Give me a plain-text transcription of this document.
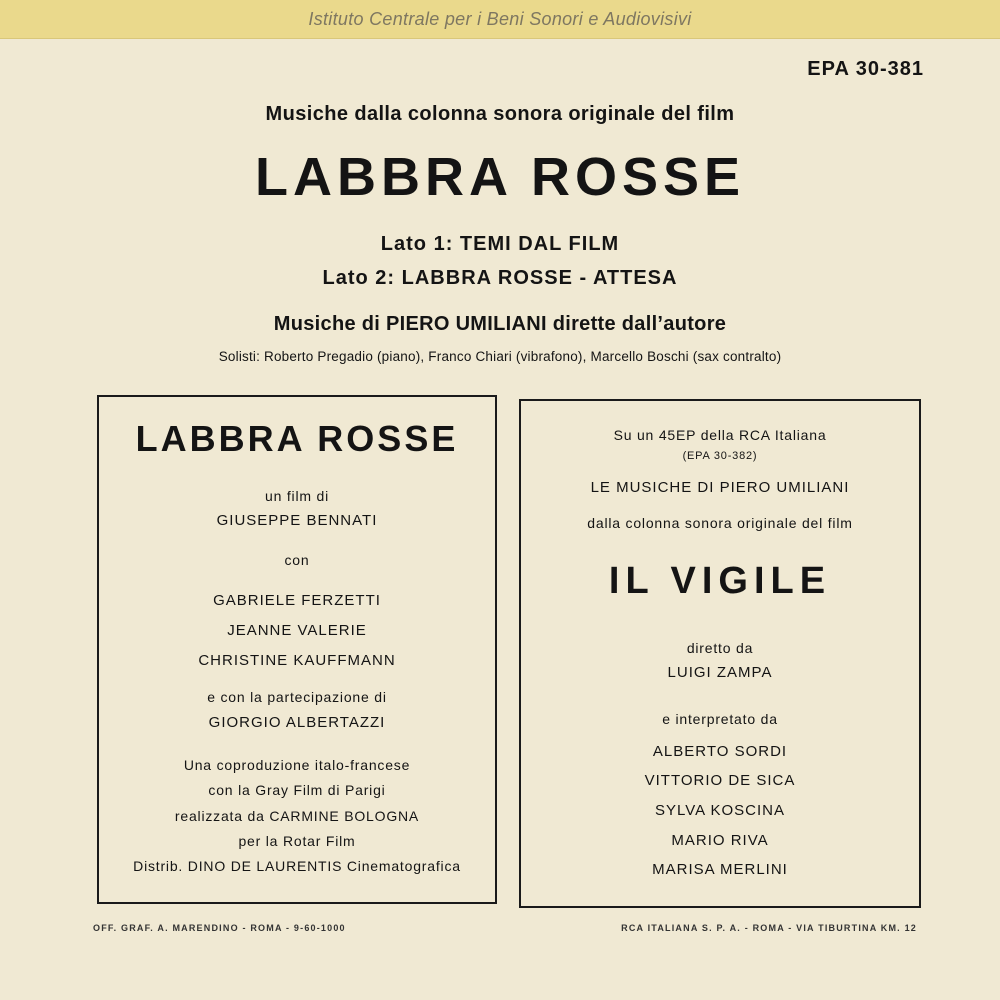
Istituto Centrale per i Beni Sonori e Audiovisivi
EPA 30-381
Musiche dalla colonna sonora originale del film
LABBRA ROSSE
Lato 1: TEMI DAL FILM
Lato 2: LABBRA ROSSE - ATTESA
Musiche di PIERO UMILIANI dirette dall’autore
Solisti: Roberto Pregadio (piano), Franco Chiari (vibrafono), Marcello Boschi (sax contralto)
LABBRA ROSSE
un film di
GIUSEPPE BENNATI
con
GABRIELE FERZETTI
JEANNE VALERIE
CHRISTINE KAUFFMANN
e con la partecipazione di
GIORGIO ALBERTAZZI
Una coproduzione italo-francese
con la Gray Film di Parigi
realizzata da CARMINE BOLOGNA
per la Rotar Film
Distrib. DINO DE LAURENTIS Cinematografica
Su un 45EP della RCA Italiana
(EPA 30-382)
LE MUSICHE DI PIERO UMILIANI
dalla colonna sonora originale del film
IL VIGILE
diretto da
LUIGI ZAMPA
e interpretato da
ALBERTO SORDI
VITTORIO DE SICA
SYLVA KOSCINA
MARIO RIVA
MARISA MERLINI
OFF. GRAF. A. MARENDINO - ROMA - 9-60-1000	RCA ITALIANA S. P. A. - ROMA - VIA TIBURTINA KM. 12
